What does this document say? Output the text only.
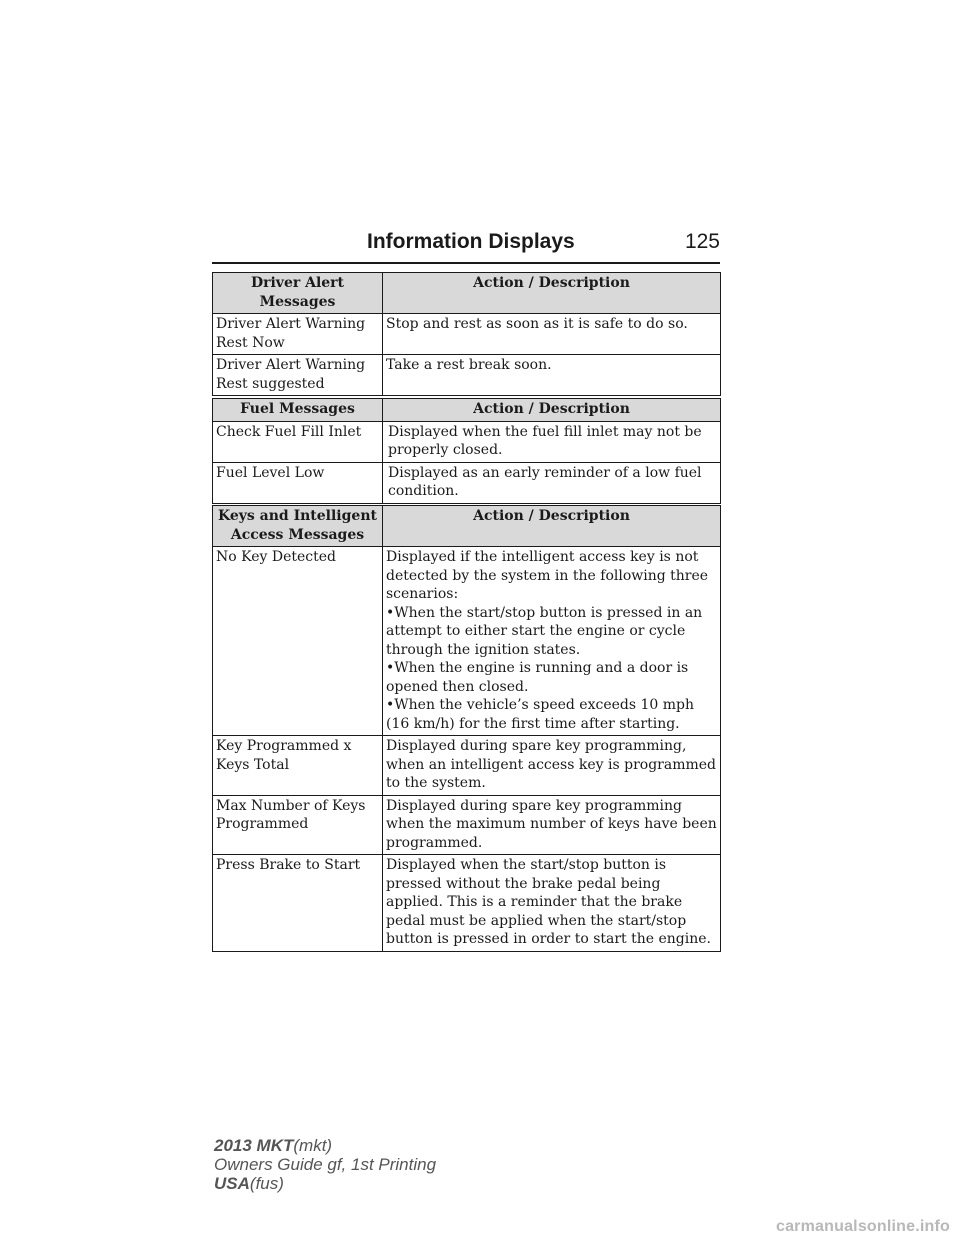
Information Displays	125
Driver Alert Messages	Action / Description
Driver Alert Warning Rest Now	Stop and rest as soon as it is safe to do so.
Driver Alert Warning Rest suggested	Take a rest break soon.
Fuel Messages	Action / Description
Check Fuel Fill Inlet	Displayed when the fuel fill inlet may not be properly closed.

Fuel Level Low	Displayed as an early reminder of a low fuel condition.
Keys and Intelligent Access Messages	Action / Description
No Key Detected	Displayed if the intelligent access key is not detected by the system in the following three scenarios:
•When the start/stop button is pressed in an attempt to either start the engine or cycle through the ignition states.
•When the engine is running and a door is opened then closed.
•When the vehicle’s speed exceeds 10 mph (16 km/h) for the first time after starting.

Key Programmed x Keys Total	Displayed during spare key programming, when an intelligent access key is programmed to the system.
Max Number of Keys Programmed	Displayed during spare key programming when the maximum number of keys have been programmed.
Press Brake to Start	Displayed when the start/stop button is pressed without the brake pedal being applied. This is a reminder that the brake pedal must be applied when the start/stop button is pressed in order to start the engine.
2013 MKT(mkt)
Owners Guide gf, 1st Printing
USA(fus)
carmanualsonline.info
